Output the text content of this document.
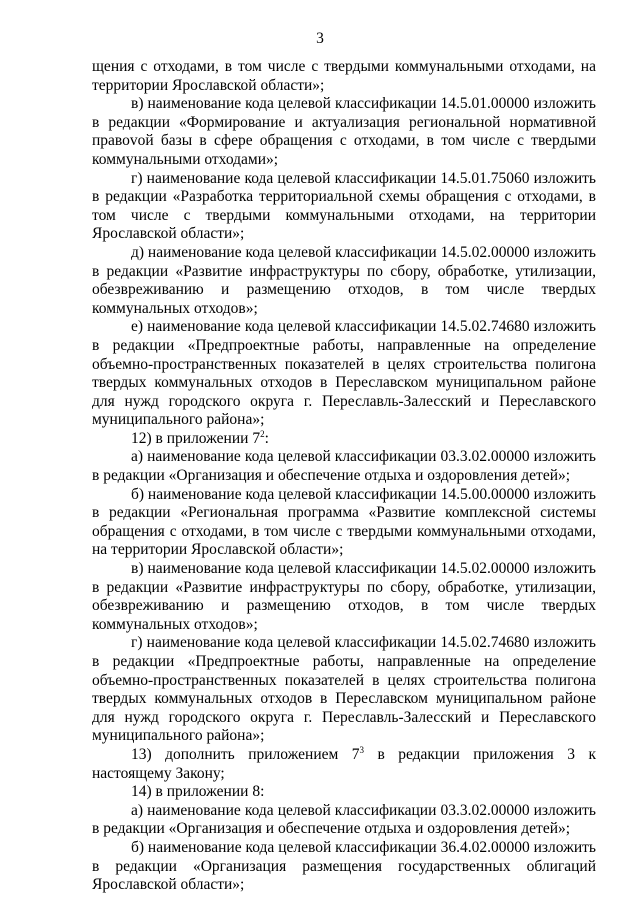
3

щения с отходами, в том числе с твердыми коммунальными отходами, на территории Ярославской области»;

в) наименование кода целевой классификации 14.5.01.00000 изложить в редакции «Формирование и актуализация региональной нормативной правоvой базы в сфере обращения с отходами, в том числе с твердыми коммунальными отходами»;

г) наименование кода целевой классификации 14.5.01.75060 изложить в редакции «Разработка территориальной схемы обращения с отходами, в том числе с твердыми коммунальными отходами, на территории Ярославской области»;

д) наименование кода целевой классификации 14.5.02.00000 изложить в редакции «Развитие инфраструктуры по сбору, обработке, утилизации, обезвреживанию и размещению отходов, в том числе твердых коммунальных отходов»;

е) наименование кода целевой классификации 14.5.02.74680 изложить в редакции «Предпроектные работы, направленные на определение объемно-пространственных показателей в целях строительства полигона твердых коммунальных отходов в Переславском муниципальном районе для нужд городского округа г. Переславль-Залесский и Переславского муниципального района»;

12) в приложении $7^2$:

а) наименование кода целевой классификации 03.3.02.00000 изложить в редакции «Организация и обеспечение отдыха и оздоровления детей»;

б) наименование кода целевой классификации 14.5.00.00000 изложить в редакции «Региональная программа «Развитие комплексной системы обращения с отходами, в том числе с твердыми коммунальными отходами, на территории Ярославской области»;

в) наименование кода целевой классификации 14.5.02.00000 изложить в редакции «Развитие инфраструктуры по сбору, обработке, утилизации, обезвреживанию и размещению отходов, в том числе твердых коммунальных отходов»;

г) наименование кода целевой классификации 14.5.02.74680 изложить в редакции «Предпроектные работы, направленные на определение объемно-пространственных показателей в целях строительства полигона твердых коммунальных отходов в Переславском муниципальном районе для нужд городского округа г. Переславль-Залесский и Переславского муниципального района»;

13) дополнить приложением $7^3$ в редакции приложения 3 к настоящему Закону;

14) в приложении 8:

а) наименование кода целевой классификации 03.3.02.00000 изложить в редакции «Организация и обеспечение отдыха и оздоровления детей»;

б) наименование кода целевой классификации 36.4.02.00000 изложить в редакции «Организация размещения государственных облигаций Ярославской области»;
